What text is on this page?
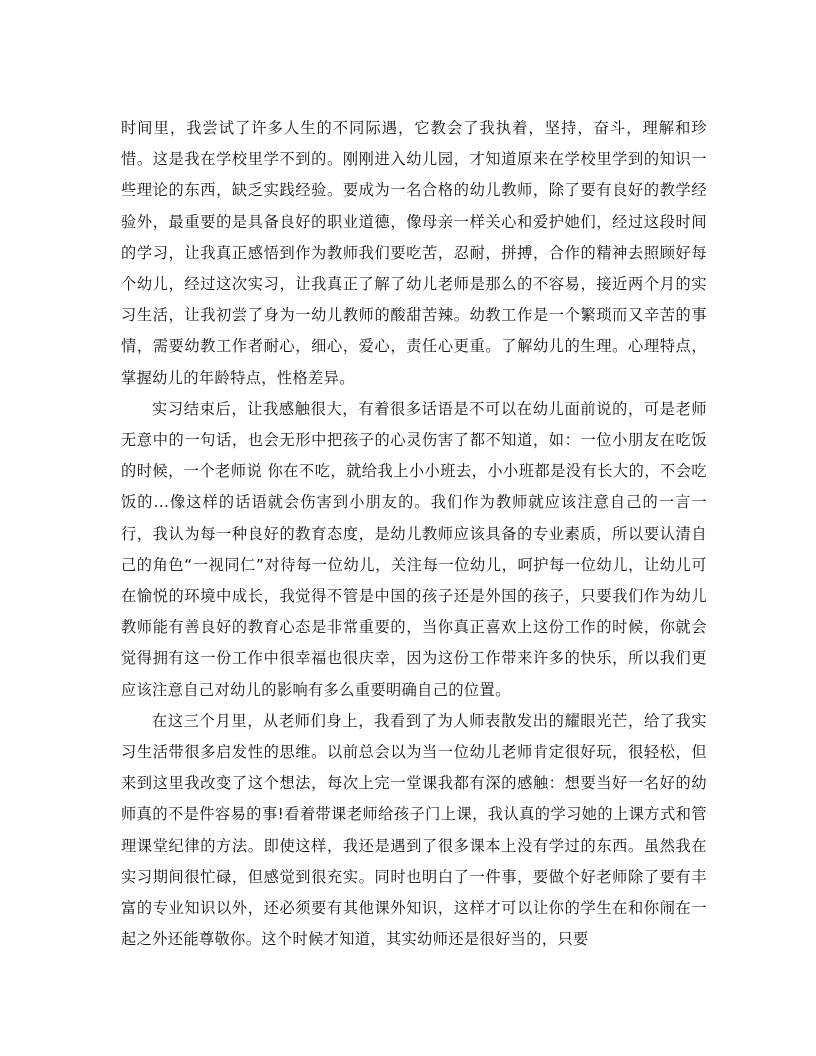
时间里，我尝试了许多人生的不同际遇，它教会了我执着，坚持，奋斗，理解和珍惜。这是我在学校里学不到的。刚刚进入幼儿园，才知道原来在学校里学到的知识一些理论的东西，缺乏实践经验。要成为一名合格的幼儿教师，除了要有良好的教学经验外，最重要的是具备良好的职业道德，像母亲一样关心和爱护她们，经过这段时间的学习，让我真正感悟到作为教师我们要吃苦，忍耐，拼搏，合作的精神去照顾好每个幼儿，经过这次实习，让我真正了解了幼儿老师是那么的不容易，接近两个月的实习生活，让我初尝了身为一幼儿教师的酸甜苦辣。幼教工作是一个繁琐而又辛苦的事情，需要幼教工作者耐心，细心，爱心，责任心更重。了解幼儿的生理。心理特点，掌握幼儿的年龄特点，性格差异。

实习结束后，让我感触很大，有着很多话语是不可以在幼儿面前说的，可是老师无意中的一句话，也会无形中把孩子的心灵伤害了都不知道，如：一位小朋友在吃饭的时候，一个老师说 你在不吃，就给我上小小班去，小小班都是没有长大的，不会吃饭的...像这样的话语就会伤害到小朋友的。我们作为教师就应该注意自己的一言一行，我认为每一种良好的教育态度，是幼儿教师应该具备的专业素质，所以要认清自己的角色“一视同仁”对待每一位幼儿，关注每一位幼儿，呵护每一位幼儿，让幼儿可在愉悦的环境中成长，我觉得不管是中国的孩子还是外国的孩子，只要我们作为幼儿教师能有善良好的教育心态是非常重要的，当你真正喜欢上这份工作的时候，你就会觉得拥有这一份工作中很幸福也很庆幸，因为这份工作带来许多的快乐，所以我们更应该注意自己对幼儿的影响有多么重要明确自己的位置。

在这三个月里，从老师们身上，我看到了为人师表散发出的耀眼光芒，给了我实习生活带很多启发性的思维。以前总会以为当一位幼儿老师肯定很好玩，很轻松，但来到这里我改变了这个想法，每次上完一堂课我都有深的感触：想要当好一名好的幼师真的不是件容易的事!看着带课老师给孩子门上课，我认真的学习她的上课方式和管理课堂纪律的方法。即使这样，我还是遇到了很多课本上没有学过的东西。虽然我在实习期间很忙碌，但感觉到很充实。同时也明白了一件事，要做个好老师除了要有丰富的专业知识以外，还必须要有其他课外知识，这样才可以让你的学生在和你闹在一起之外还能尊敬你。这个时候才知道，其实幼师还是很好当的，只要
